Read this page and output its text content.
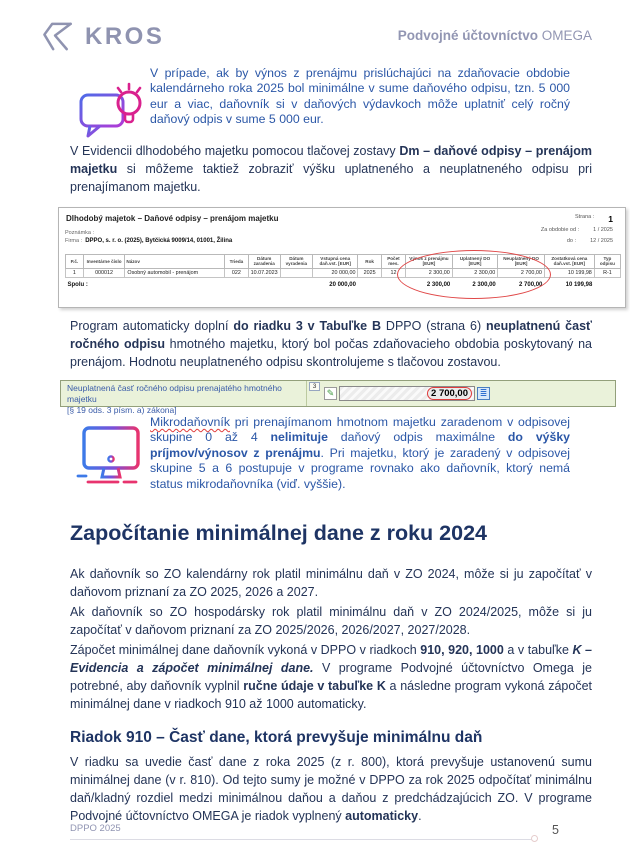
KROS	Podvojné účtovníctvo OMEGA
V prípade, ak by výnos z prenájmu prislúchajúci na zdaňovacie obdobie kalendárneho roka 2025 bol minimálne v sume daňového odpisu, tzn. 5 000 eur a viac, daňovník si v daňových výdavkoch môže uplatniť celý ročný daňový odpis v sume 5 000 eur.
V Evidencii dlhodobého majetku pomocou tlačovej zostavy Dm – daňové odpisy – prenájom majetku si môžeme taktiež zobraziť výšku uplatneného a neuplatneného odpisu pri prenajímanom majetku.
Dlhodobý majetok – Daňové odpisy – prenájom majetku	Strana : 1
Za obdobie od :	1 / 2025
do :	12 / 2025
Poznámka :
Firma : DPPO, s. r. o. (2025), Bytčická 9009/14, 01001, Žilina
P.č.	Inventárne číslo	Názov	Trieda	Dátum zaradenia	Dátum vyradenia	Vstupná cena daň.vst. [EUR]	Rok	Počet mes.	Výnos z prenájmu [EUR]	Uplatnený DO [EUR]	Neuplatnený DO [EUR]	Zostatková cena daň.vst. [EUR]	Typ odpisu
1	000012	Osobný automobil - prenájom	022	10.07.2023		20 000,00	2025	12	2 300,00	2 300,00	2 700,00	10 199,98	R-1
Spolu :						20 000,00			2 300,00	2 300,00	2 700,00	10 199,98	
Program automaticky doplní do riadku 3 v Tabuľke B DPPO (strana 6) neuplatnenú časť ročného odpisu hmotného majetku, ktorý bol počas zdaňovacieho obdobia poskytovaný na prenájom. Hodnotu neuplatneného odpisu skontrolujeme s tlačovou zostavou.
Neuplatnená časť ročného odpisu prenajatého hmotného majetku
[§ 19 ods. 3 písm. a) zákona]
3
✎	2 700,00	≣
Mikrodaňovník pri prenajímanom hmotnom majetku zaradenom v odpisovej skupine 0 až 4 nelimituje daňový odpis maximálne do výšky príjmov/výnosov z prenájmu. Pri majetku, ktorý je zaradený v odpisovej skupine 5 a 6 postupuje v programe rovnako ako daňovník, ktorý nemá status mikrodaňovníka (viď. vyššie).
Započítanie minimálnej dane z roku 2024
Ak daňovník so ZO kalendárny rok platil minimálnu daň v ZO 2024, môže si ju započítať v daňovom priznaní za ZO 2025, 2026 a 2027.
Ak daňovník so ZO hospodársky rok platil minimálnu daň v ZO 2024/2025, môže si ju započítať v daňovom priznaní za ZO 2025/2026, 2026/2027, 2027/2028.
Zápočet minimálnej dane daňovník vykoná v DPPO v riadkoch 910, 920, 1000 a v tabuľke K – Evidencia a zápočet minimálnej dane. V programe Podvojné účtovníctvo Omega je potrebné, aby daňovník vyplnil ručne údaje v tabuľke K a následne program vykoná zápočet minimálnej dane v riadkoch 910 až 1000 automaticky.
Riadok 910 – Časť dane, ktorá prevyšuje minimálnu daň
V riadku sa uvedie časť dane z roka 2025 (z r. 800), ktorá prevyšuje ustanovenú sumu minimálnej dane (v r. 810). Od tejto sumy je možné v DPPO za rok 2025 odpočítať minimálnu daň/kladný rozdiel medzi minimálnou daňou a daňou z predchádzajúcich ZO. V programe Podvojné účtovníctvo OMEGA je riadok vyplnený automaticky.
DPPO 2025	5
